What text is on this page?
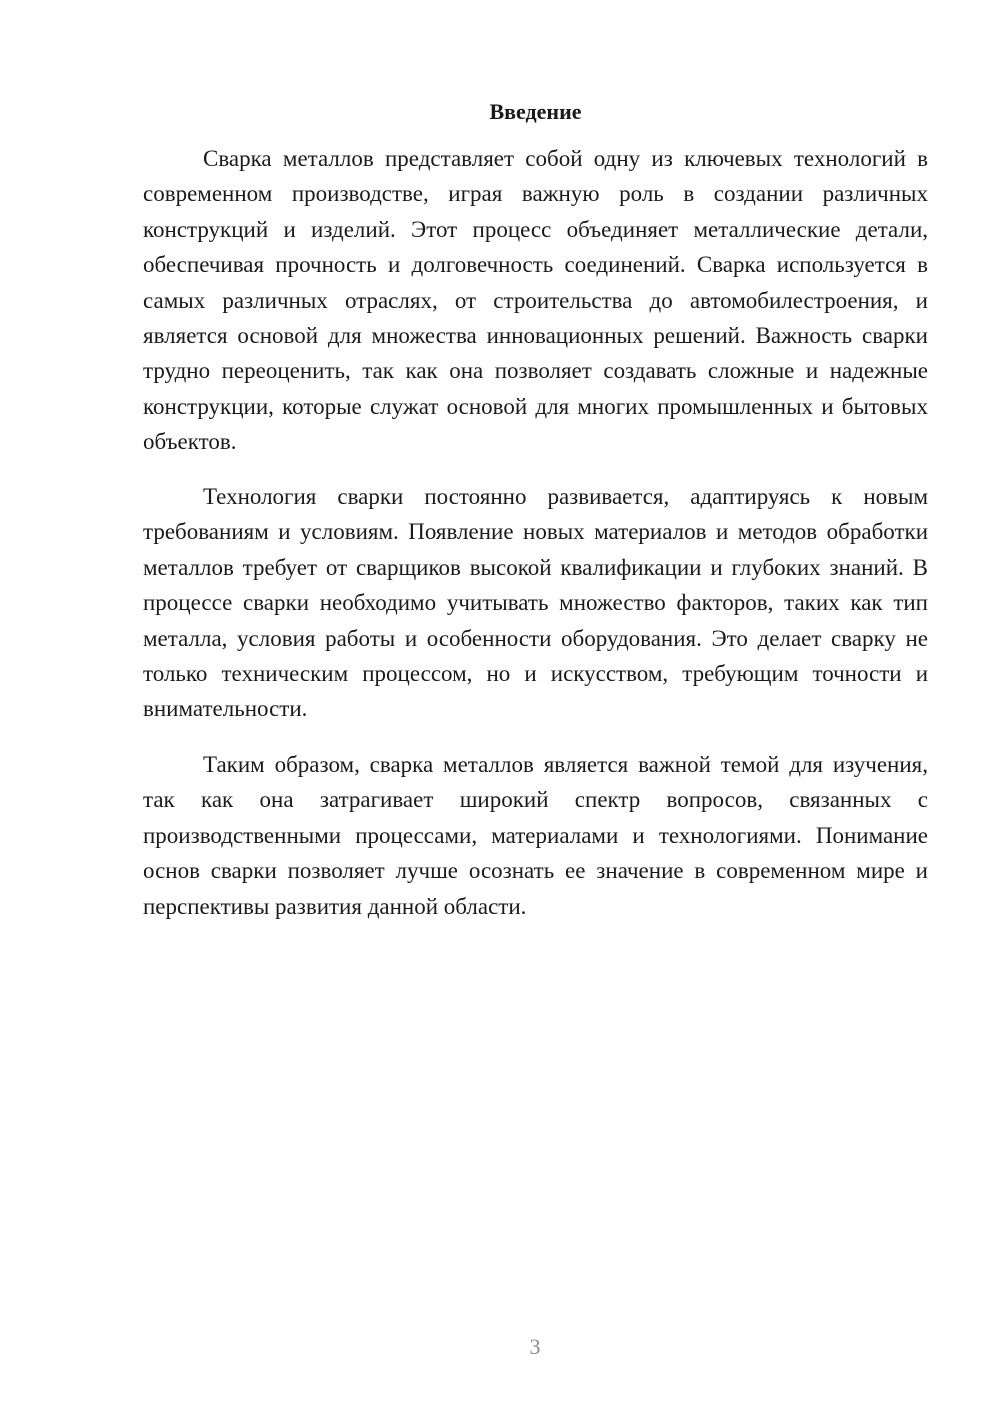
Введение

Сварка металлов представляет собой одну из ключевых технологий в современном производстве, играя важную роль в создании различных конструкций и изделий. Этот процесс объединяет металлические детали, обеспечивая прочность и долговечность соединений. Сварка используется в самых различных отраслях, от строительства до автомобилестроения, и является основой для множества инновационных решений. Важность сварки трудно переоценить, так как она позволяет создавать сложные и надежные конструкции, которые служат основой для многих промышленных и бытовых объектов.

Технология сварки постоянно развивается, адаптируясь к новым требованиям и условиям. Появление новых материалов и методов обработки металлов требует от сварщиков высокой квалификации и глубоких знаний. В процессе сварки необходимо учитывать множество факторов, таких как тип металла, условия работы и особенности оборудования. Это делает сварку не только техническим процессом, но и искусством, требующим точности и внимательности.

Таким образом, сварка металлов является важной темой для изучения, так как она затрагивает широкий спектр вопросов, связанных с производственными процессами, материалами и технологиями. Понимание основ сварки позволяет лучше осознать ее значение в современном мире и перспективы развития данной области.

3
